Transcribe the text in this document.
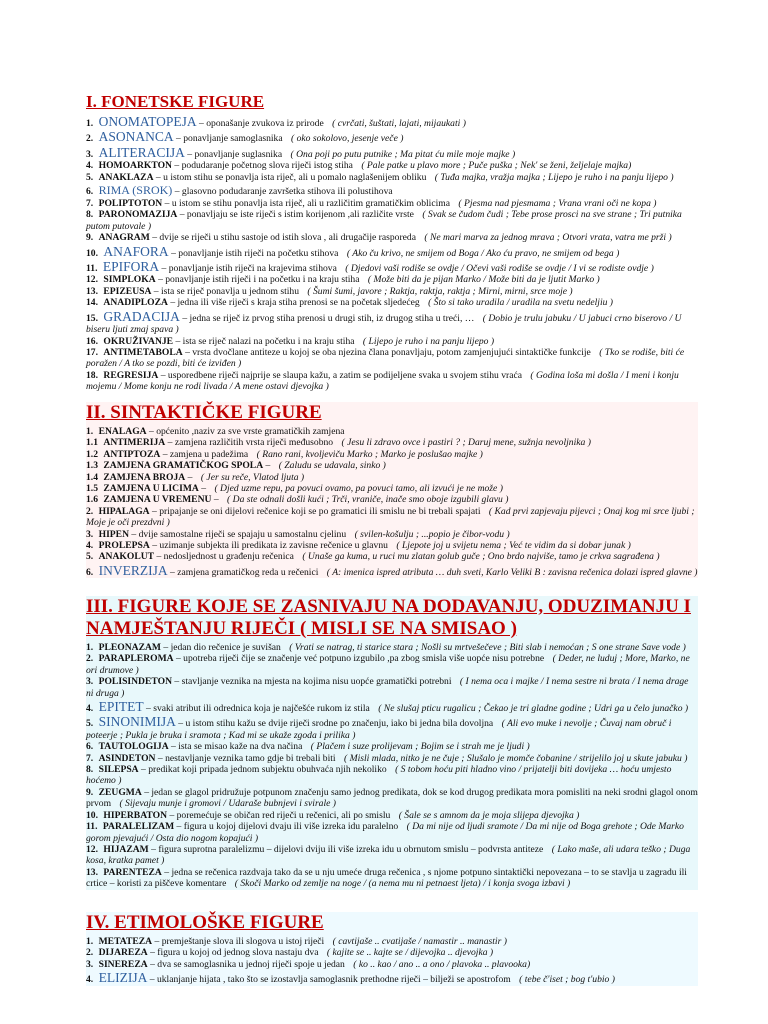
I. FONETSKE FIGURE

1. ONOMATOPEJA – oponašanje zvukova iz prirode ( cvrčati, šuštati, lajati, mijaukati )

2. ASONANCA – ponavljanje samoglasnika ( oko sokolovo, jesenje veče )

3. ALITERACIJA – ponavljanje suglasnika ( Ona poji po putu putnike ; Ma pitat ću mile moje majke )

4. HOMOARKTON – podudaranje početnog slova riječi istog stiha ( Pale patke u plavo more ; Puče puška ; Nek' se ženi, željelaje majka)

5. ANAKLAZA – u istom stihu se ponavlja ista riječ, ali u pomalo naglašenijem obliku ( Tuđa majka, vražja majka ; Lijepo je ruho i na panju lijepo )

6. RIMA (SROK) – glasovno podudaranje završetka stihova ili polustihova

7. POLIPTOTON – u istom se stihu ponavlja ista riječ, ali u različitim gramatičkim oblicima ( Pjesma nad pjesmama ; Vrana vrani oči ne kopa )

8. PARONOMAZIJA – ponavljaju se iste riječi s istim korijenom ,ali različite vrste ( Svak se čudom čudi ; Tebe prose prosci na sve strane ; Tri putnika putom putovale )

9. ANAGRAM – dvije se riječi u stihu sastoje od istih slova , ali drugačije rasporeda ( Ne mari marva za jednog mrava ; Otvori vrata, vatra me prži )

10. ANAFORA – ponavljanje istih riječi na početku stihova ( Ako ču krivo, ne smijem od Boga / Ako ću pravo, ne smijem od bega )

11. EPIFORA – ponavljanje istih riječi na krajevima stihova ( Djedovi vaši rodiše se ovdje / Očevi vaši rodiše se ovdje / I vi se rodiste ovdje )

12. SIMPLOKA – ponavljanje istih riječi i na početku i na kraju stiha ( Može biti da je pijan Marko / Može biti da je ljutit Marko )

13. EPIZEUSA – ista se riječ ponavlja u jednom stihu ( Šumi šumi, javore ; Raktja, raktja, raktja ; Mirni, mirni, srce moje )

14. ANADIPLOZA – jedna ili više riječi s kraja stiha prenosi se na početak sljedećeg ( Što si tako uradila / uradila na svetu nedeljiu )

15. GRADACIJA – jedna se riječ iz prvog stiha prenosi u drugi stih, iz drugog stiha u treći, … ( Dobio je trulu jabuku / U jabuci crno biserovo / U biseru ljuti zmaj spava )

16. OKRUŽIVANJE – ista se riječ nalazi na početku i na kraju stiha ( Lijepo je ruho i na panju lijepo )

17. ANTIMETABOLA – vrsta dvočlane antiteze u kojoj se oba njezina člana ponavljaju, potom zamjenjujući sintaktičke funkcije ( Tko se rodiše, biti će poražen / A tko se pozdi, biti će izviđen )

18. REGRESIJA – usporedbene riječi najprije se slaupa kažu, a zatim se podijeljene svaka u svojem stihu vraća ( Godina loša mi došla / I meni i konju mojemu / Mome konju ne rodi livada / A mene ostavi djevojka )

II. SINTAKTIČKE FIGURE

1. ENALAGA – općenito ,naziv za sve vrste gramatičkih zamjena

1.1 ANTIMERIJA – zamjena različitih vrsta riječi međusobno ( Jesu li zdravo ovce i pastiri ? ; Daruj mene, sužnja nevoljnika )

1.2 ANTIPTOZA – zamjena u padežima ( Rano rani, kvoljeviču Marko ; Marko je poslušao majke )

1.3 ZAMJENA GRAMATIČKOG SPOLA – ( Zaludu se udavala, sinko )

1.4 ZAMJENA BROJA – ( Jer su reče, Vlatod ljuta )

1.5 ZAMJENA U LICIMA – ( Djed uzme repu, pa povuci ovamo, pa povuci tamo, ali izvući je ne može )

1.6 ZAMJENA U VREMENU – ( Da ste odnali došli kući ; Trči, vraniče, inače smo oboje izgubili glavu )

2. HIPALAGA – pripajanje se oni dijelovi rečenice koji se po gramatici ili smislu ne bi trebali spajati ( Kad prvi zapjevaju pijevci ; Onaj kog mi srce ljubi ; Moje je oči prezdvni )

3. HIPEN – dvije samostalne riječi se spajaju u samostalnu cjelinu ( svilen-košulju ; ...popio je čibor-vodu )

4. PROLEPSA – uzimanje subjekta ili predikata iz zavisne rečenice u glavnu ( Ljepote joj u svijetu nema ; Već te vidim da si dobar junak )

5. ANAKOLUT – nedosljednost u građenju rečenica ( Unaše ga kuma, u ruci mu zlatan golub guče ; Ono brdo najviše, tamo je crkva sagrađena )

6. INVERZIJA – zamjena gramatičkog reda u rečenici ( A: imenica ispred atributa … duh sveti, Karlo Veliki B : zavisna rečenica dolazi ispred glavne )

III. FIGURE KOJE SE ZASNIVAJU NA DODAVANJU, ODUZIMANJU I NAMJEŠTANJU RIJEČI ( MISLI SE NA SMISAO )

1. PLEONAZAM – jedan dio rečenice je suvišan ( Vrati se natrag, ti starice stara ; Nošli su mrtvešečeve ; Biti slab i nemoćan ; S one strane Save vode )

2. PARAPLEROMA – upotreba riječi čije se značenje već potpuno izgubilo ,pa zbog smisla više uopće nisu potrebne ( Deder, ne luduj ; More, Marko, ne ori drumove )

3. POLISINDETON – stavljanje veznika na mjesta na kojima nisu uopće gramatički potrebni ( I nema oca i majke / I nema sestre ni brata / I nema drage ni druga )

4. EPITET – svaki atribut ili odrednica koja je najčešće rukom iz stila ( Ne slušaj pticu rugalicu ; Čekao je tri gladne godine ; Udri ga u čelo junačko )

5. SINONIMIJA – u istom stihu kažu se dvije riječi srodne po značenju, iako bi jedna bila dovoljna ( Ali evo muke i nevolje ; Čuvaj nam obruč i poteerje ; Pukla je bruka i sramota ; Kad mi se ukaže zgoda i prilika )

6. TAUTOLOGIJA – ista se misao kaže na dva načina ( Plačem i suze prolijevam ; Bojim se i strah me je ljudi )

7. ASINDETON – nestavljanje veznika tamo gdje bi trebali biti ( Misli mlada, nitko je ne čuje ; Slušalo je momče čobanine / strijelilo joj u skute jabuku )

8. SILEPSA – predikat koji pripada jednom subjektu obuhvaća njih nekoliko ( S tobom hoću piti hladno vino / prijatelji biti dovijeka … hoću umjesto hoćemo )

9. ZEUGMA – jedan se glagol pridružuje potpunom značenju samo jednog predikata, dok se kod drugog predikata mora pomisliti na neki srodni glagol onom prvom ( Sijevaju munje i gromovi / Udaraše bubnjevi i svirale )

10. HIPERBATON – poremećuje se običan red riječi u rečenici, ali po smislu ( Šale se s amnom da je moja slijepa djevojka )

11. PARALELIZAM – figura u kojoj dijelovi dvaju ili više izreka idu paralelno ( Da mi nije od ljudi sramote / Da mi nije od Boga grehote ; Ode Marko gorom pjevajući / Osta dio nogom kopajući )

12. HIJAZAM – figura suprotna paralelizmu – dijelovi dviju ili više izreka idu u obrnutom smislu – podvrsta antiteze ( Lako maše, ali udara teško ; Duga kosa, kratka pamet )

13. PARENTEZA – jedna se rečenica razdvaja tako da se u nju umeće druga rečenica , s njome potpuno sintaktički nepovezana – to se stavlja u zagradu ili crtice – koristi za piščeve komentare ( Skoči Marko od zemlje na noge / (a nema mu ni petnaest ljeta) / i konja svoga izbavi )

IV. ETIMOLOŠKE FIGURE

1. METATEZA – premještanje slova ili slogova u istoj riječi ( cavtijaše .. cvatijaše / namastir .. manastir )

2. DIJAREZA – figura u kojoj od jednog slova nastaju dva ( kajite se .. kajte se / dijevojka .. djevojka )

3. SINEREZA – dva se samoglasnika u jednoj riječi spoje u jedan ( ko .. kao / ano .. a ono / plavoka .. plavooka)

4. ELIZIJA – uklanjanje hijata , tako što se izostavlja samoglasnik prethodne riječi – bilježi se apostrofom ( tebe č'iset ; bog t'ubio )
